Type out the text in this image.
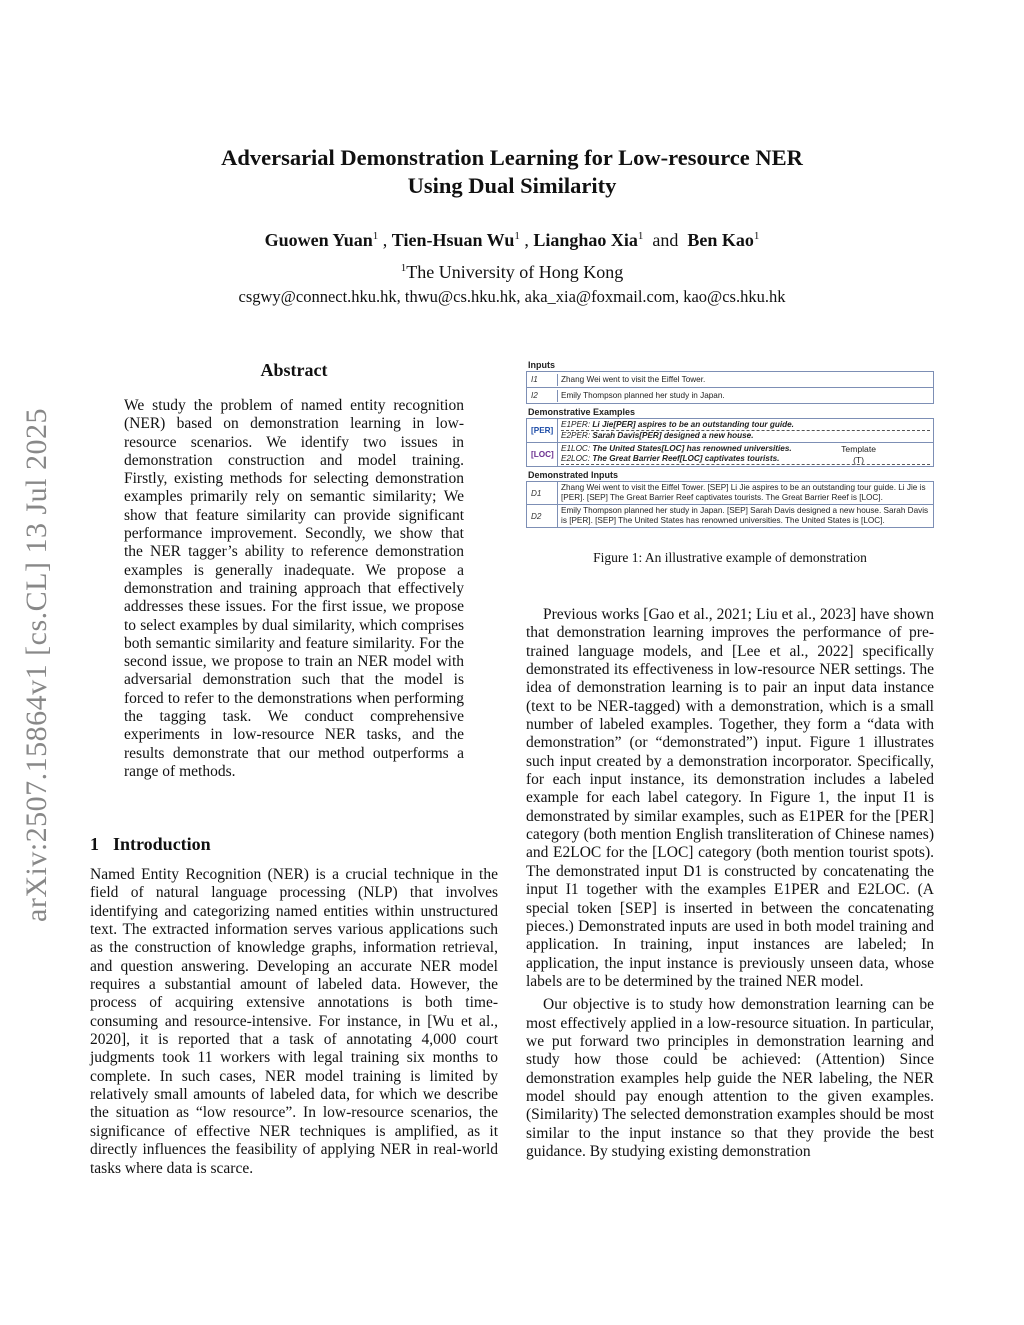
arXiv:2507.15864v1 [cs.CL] 13 Jul 2025
Adversarial Demonstration Learning for Low-resource NER
Using Dual Similarity
Guowen Yuan$^1$ , Tien-Hsuan Wu$^1$ , Lianghao Xia$^1$ and Ben Kao$^1$
$^1$The University of Hong Kong
csgwy@connect.hku.hk, thwu@cs.hku.hk, aka_xia@foxmail.com, kao@cs.hku.hk
Abstract

We study the problem of named entity recognition (NER) based on demonstration learning in low-resource scenarios. We identify two issues in demonstration construction and model training. Firstly, existing methods for selecting demonstration examples primarily rely on semantic similarity; We show that feature similarity can provide significant performance improvement. Secondly, we show that the NER tagger’s ability to reference demonstration examples is generally inadequate. We propose a demonstration and training approach that effectively addresses these issues. For the first issue, we propose to select examples by dual similarity, which comprises both semantic similarity and feature similarity. For the second issue, we propose to train an NER model with adversarial demonstration such that the model is forced to refer to the demonstrations when performing the tagging task. We conduct comprehensive experiments in low-resource NER tasks, and the results demonstrate that our method outperforms a range of methods.

1 Introduction

Named Entity Recognition (NER) is a crucial technique in the field of natural language processing (NLP) that involves identifying and categorizing named entities within unstructured text. The extracted information serves various applications such as the construction of knowledge graphs, information retrieval, and question answering. Developing an accurate NER model requires a substantial amount of labeled data. However, the process of acquiring extensive annotations is both time-consuming and resource-intensive. For instance, in [Wu et al., 2020], it is reported that a task of annotating 4,000 court judgments took 11 workers with legal training six months to complete. In such cases, NER model training is limited by relatively small amounts of labeled data, for which we describe the situation as “low resource”. In low-resource scenarios, the significance of effective NER techniques is amplified, as it directly influences the feasibility of applying NER in real-world tasks where data is scarce.

Inputs
I1	Zhang Wei went to visit the Eiffel Tower.
I2	Emily Thompson planned her study in Japan.
Demonstrative Examples
[PER]
E1PER: Li Jie[PER] aspires to be an outstanding tour guide.
E2PER: Sarah Davis[PER] designed a new house.
[LOC]
E1LOC: The United States[LOC] has renowned universities.
E2LOC: The Great Barrier Reef[LOC] captivates tourists.
Template
(T)
Demonstrated Inputs
D1
Zhang Wei went to visit the Eiffel Tower. [SEP] Li Jie aspires to be an outstanding tour guide. Li Jie is [PER]. [SEP] The Great Barrier Reef captivates tourists. The Great Barrier Reef is [LOC].
D2
Emily Thompson planned her study in Japan. [SEP] Sarah Davis designed a new house. Sarah Davis is [PER]. [SEP] The United States has renowned universities. The United States is [LOC].
Figure 1: An illustrative example of demonstration

Previous works [Gao et al., 2021; Liu et al., 2023] have shown that demonstration learning improves the performance of pre-trained language models, and [Lee et al., 2022] specifically demonstrated its effectiveness in low-resource NER settings. The idea of demonstration learning is to pair an input data instance (text to be NER-tagged) with a demonstration, which is a small number of labeled examples. Together, they form a “data with demonstration” (or “demonstrated”) input. Figure 1 illustrates such input created by a demonstration incorporator. Specifically, for each input instance, its demonstration includes a labeled example for each label category. In Figure 1, the input I1 is demonstrated by similar examples, such as E1PER for the [PER] category (both mention English transliteration of Chinese names) and E2LOC for the [LOC] category (both mention tourist spots). The demonstrated input D1 is constructed by concatenating the input I1 together with the examples E1PER and E2LOC. (A special token [SEP] is inserted in between the concatenating pieces.) Demonstrated inputs are used in both model training and application. In training, input instances are labeled; In application, the input instance is previously unseen data, whose labels are to be determined by the trained NER model.

Our objective is to study how demonstration learning can be most effectively applied in a low-resource situation. In particular, we put forward two principles in demonstration learning and study how those could be achieved: (Attention) Since demonstration examples help guide the NER labeling, the NER model should pay enough attention to the given examples. (Similarity) The selected demonstration examples should be most similar to the input instance so that they provide the best guidance. By studying existing demonstration
